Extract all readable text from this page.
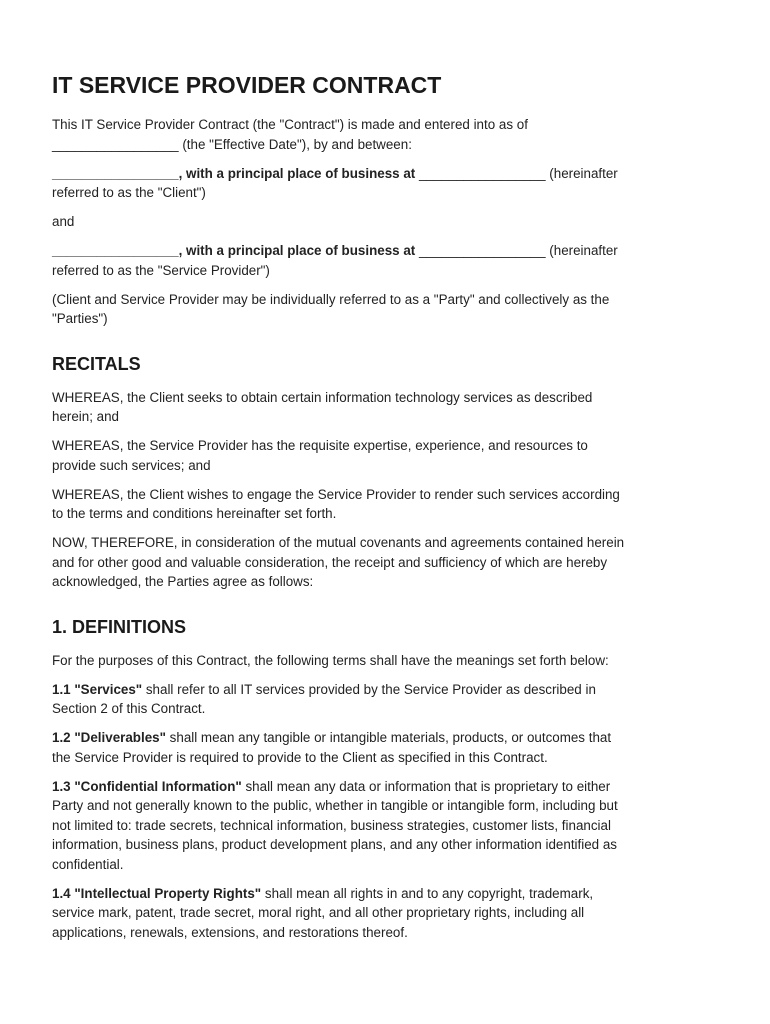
IT SERVICE PROVIDER CONTRACT

This IT Service Provider Contract (the "Contract") is made and entered into as of
_________________ (the "Effective Date"), by and between:

_________________, with a principal place of business at _________________ (hereinafter
referred to as the "Client")

and

_________________, with a principal place of business at _________________ (hereinafter
referred to as the "Service Provider")

(Client and Service Provider may be individually referred to as a "Party" and collectively as the
"Parties")

RECITALS

WHEREAS, the Client seeks to obtain certain information technology services as described
herein; and

WHEREAS, the Service Provider has the requisite expertise, experience, and resources to
provide such services; and

WHEREAS, the Client wishes to engage the Service Provider to render such services according
to the terms and conditions hereinafter set forth.

NOW, THEREFORE, in consideration of the mutual covenants and agreements contained herein
and for other good and valuable consideration, the receipt and sufficiency of which are hereby
acknowledged, the Parties agree as follows:

1. DEFINITIONS

For the purposes of this Contract, the following terms shall have the meanings set forth below:

1.1 "Services" shall refer to all IT services provided by the Service Provider as described in
Section 2 of this Contract.

1.2 "Deliverables" shall mean any tangible or intangible materials, products, or outcomes that
the Service Provider is required to provide to the Client as specified in this Contract.

1.3 "Confidential Information" shall mean any data or information that is proprietary to either
Party and not generally known to the public, whether in tangible or intangible form, including but
not limited to: trade secrets, technical information, business strategies, customer lists, financial
information, business plans, product development plans, and any other information identified as
confidential.

1.4 "Intellectual Property Rights" shall mean all rights in and to any copyright, trademark,
service mark, patent, trade secret, moral right, and all other proprietary rights, including all
applications, renewals, extensions, and restorations thereof.
